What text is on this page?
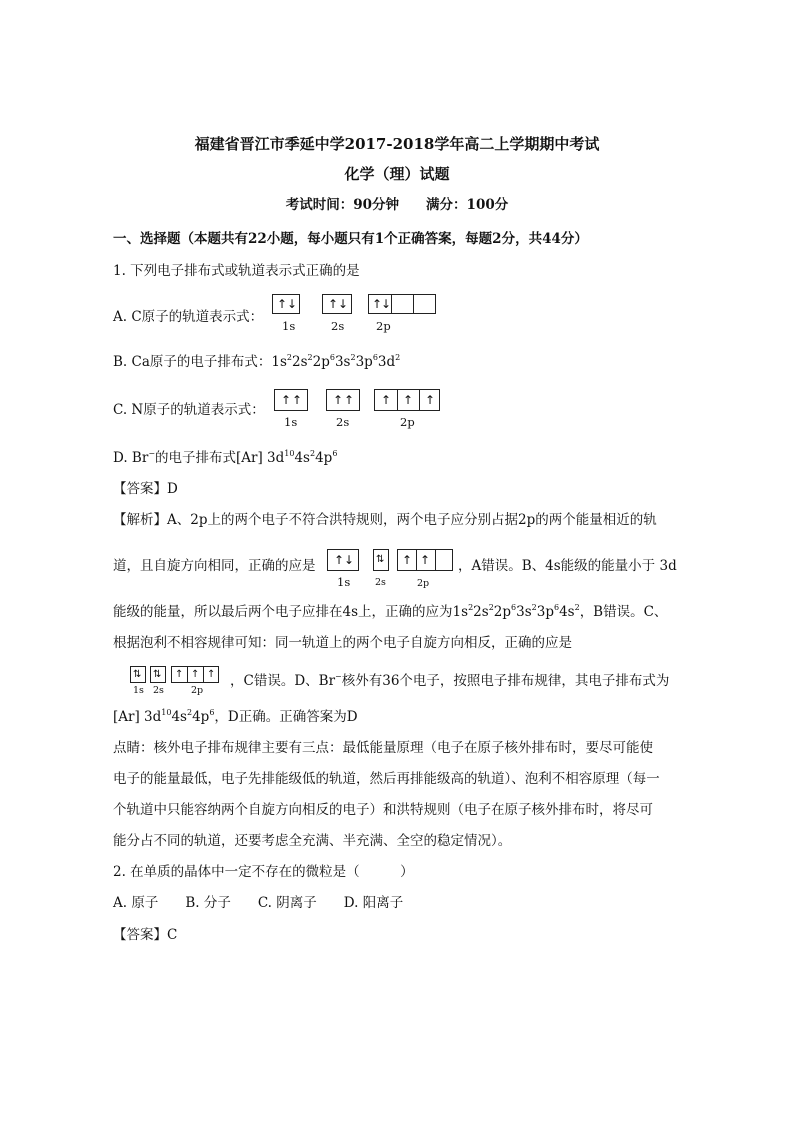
福建省晋江市季延中学2017-2018学年高二上学期期中考试
化学（理）试题
考试时间：90分钟　　满分：100分
一、选择题（本题共有22小题，每小题只有1个正确答案，每题2分，共44分）
1. 下列电子排布式或轨道表示式正确的是
A. C原子的轨道表示式：
↑ ↓	↑ ↓ ↑
↓
1s	2s	2p
B. Ca原子的电子排布式：$1s^22s^22p^63s^23p^63d^2$
C. N原子的轨道表示式：
↑ ↑	↑ ↑ ↑ ↑ ↑
1s	2s	2p
D. Br−的电子排布式[Ar] $3d^{10}4s^24p^6$
【答案】D
【解析】A、2p上的两个电子不符合洪特规则，两个电子应分别占据2p的两个能量相近的轨
道，且自旋方向相同，正确的应是 ↑ ↓ ⇅ ↑ ↑
1s	2s	2p
，A错误。B、4s能级的能量小于 3d
能级的能量，所以最后两个电子应排在4s上，正确的应为$1s^22s^22p^63s^23p^64s^2$，B错误。C、
根据泡利不相容规律可知：同一轨道上的两个电子自旋方向相反，正确的应是
⇅ ⇅ ↑ ↑ ↑
1s 2s	2p
，C错误。D、Br−核外有36个电子，按照电子排布规律，其电子排布式为
[Ar] $3d^{10}4s^24p^6$，D正确。正确答案为D
点睛：核外电子排布规律主要有三点：最低能量原理（电子在原子核外排布时，要尽可能使
电子的能量最低，电子先排能级低的轨道，然后再排能级高的轨道）、泡利不相容原理（每一
个轨道中只能容纳两个自旋方向相反的电子）和洪特规则（电子在原子核外排布时，将尽可
能分占不同的轨道，还要考虑全充满、半充满、全空的稳定情况）。
2. 在单质的晶体中一定不存在的微粒是（　　　）
A. 原子　　B. 分子　　C. 阴离子　　D. 阳离子
【答案】C
